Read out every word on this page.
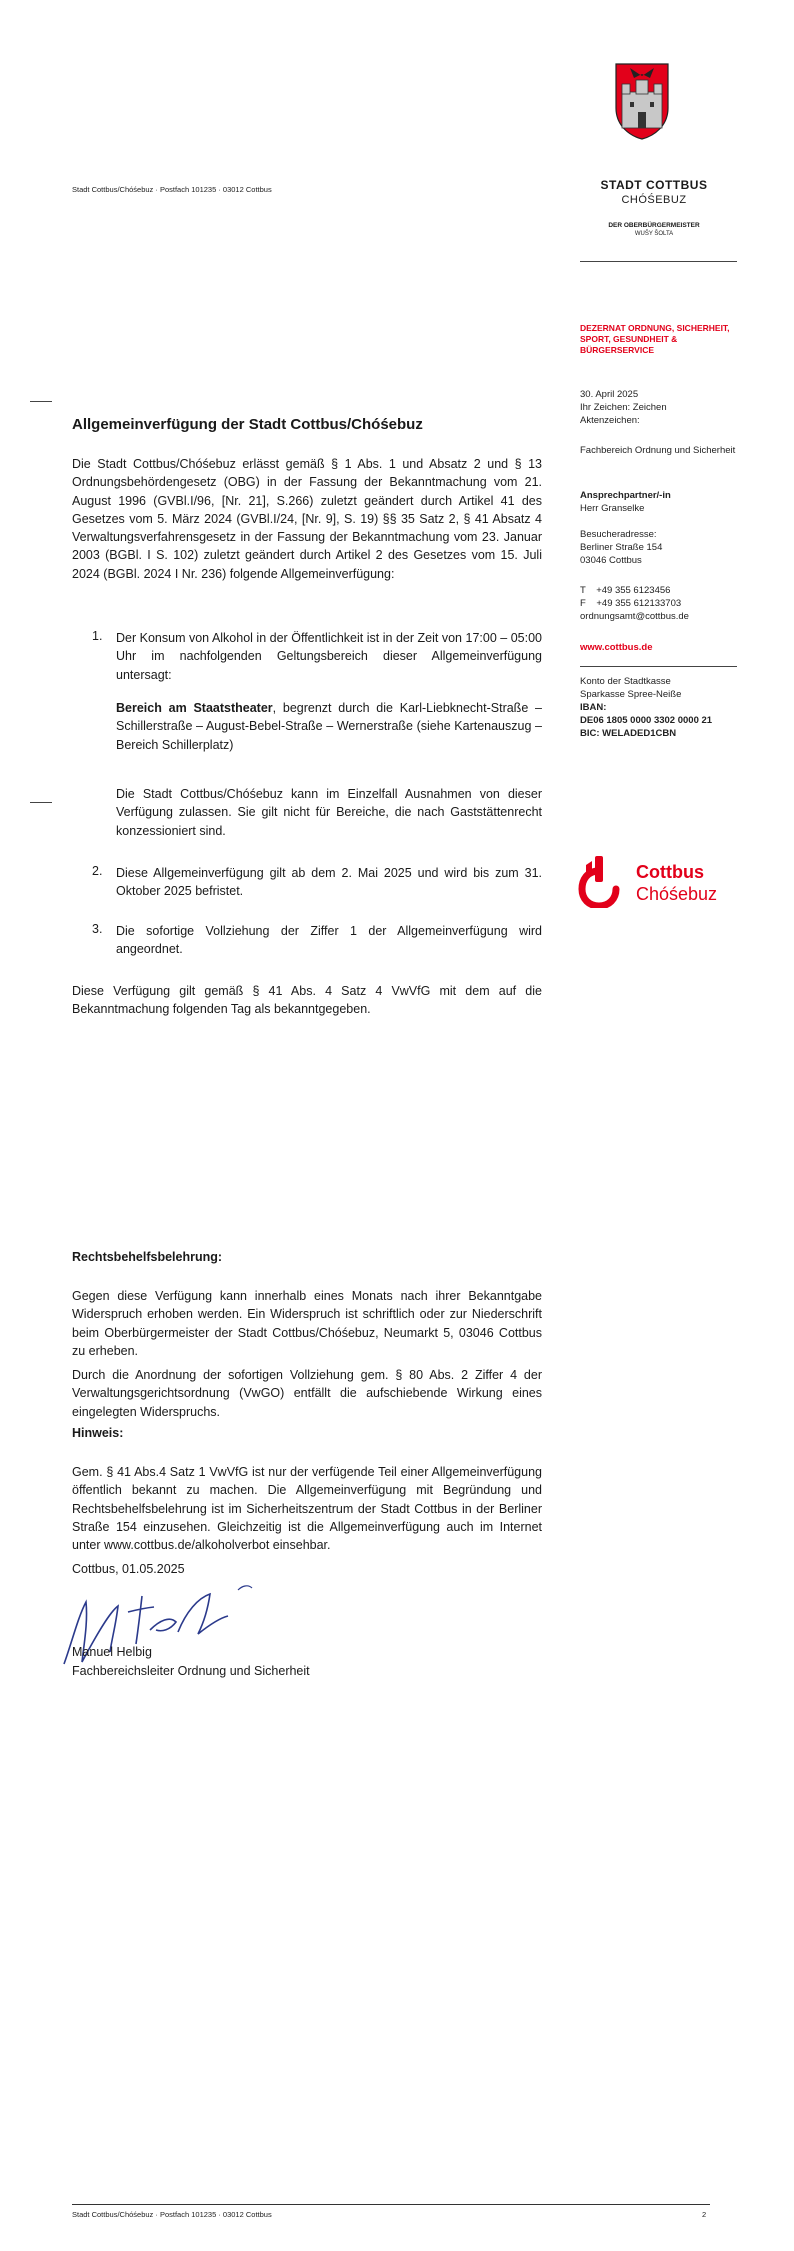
Stadt Cottbus/Chóśebuz · Postfach 101235 · 03012 Cottbus	STADT COTTBUS
CHÓŚEBUZ
DER OBERBÜRGERMEISTER
WUŠY ŠOLTA
DEZERNAT ORDNUNG, SICHERHEIT, SPORT, GESUNDHEIT & BÜRGERSERVICE
30. April 2025
Ihr Zeichen: Zeichen
Aktenzeichen:
Fachbereich Ordnung und Sicherheit
Ansprechpartner/-in
Herr Granselke
Besucheradresse:
Berliner Straße 154
03046 Cottbus
T    +49 355 6123456
F    +49 355 612133703
ordnungsamt@cottbus.de
www.cottbus.de
Konto der Stadtkasse
Sparkasse Spree-Neiße
IBAN:
DE06 1805 0000 3302 0000 21
BIC: WELADED1CBN
Cottbus
Chóśebuz
Allgemeinverfügung der Stadt Cottbus/Chóśebuz
Die Stadt Cottbus/Chóśebuz erlässt gemäß § 1 Abs. 1 und Absatz 2 und § 13 Ordnungsbehördengesetz (OBG) in der Fassung der Bekanntmachung vom 21. August 1996 (GVBl.I/96, [Nr. 21], S.266) zuletzt geändert durch Artikel 41 des Gesetzes vom 5. März 2024 (GVBl.I/24, [Nr. 9], S. 19) §§ 35 Satz 2, § 41 Absatz 4 Verwaltungsverfahrensgesetz in der Fassung der Bekanntmachung vom 23. Januar 2003 (BGBl. I S. 102) zuletzt geändert durch Artikel 2 des Gesetzes vom 15. Juli 2024 (BGBl. 2024 I Nr. 236) folgende Allgemeinverfügung:
1. Der Konsum von Alkohol in der Öffentlichkeit ist in der Zeit von 17:00 – 05:00 Uhr im nachfolgenden Geltungsbereich dieser Allgemeinverfügung untersagt:
Bereich am Staatstheater, begrenzt durch die Karl-Liebknecht-Straße – Schillerstraße – August-Bebel-Straße – Wernerstraße (siehe Kartenauszug – Bereich Schillerplatz)
Die Stadt Cottbus/Chóśebuz kann im Einzelfall Ausnahmen von dieser Verfügung zulassen. Sie gilt nicht für Bereiche, die nach Gaststättenrecht konzessioniert sind.
2. Diese Allgemeinverfügung gilt ab dem 2. Mai 2025 und wird bis zum 31. Oktober 2025 befristet.
3. Die sofortige Vollziehung der Ziffer 1 der Allgemeinverfügung wird angeordnet.
Diese Verfügung gilt gemäß § 41 Abs. 4 Satz 4 VwVfG mit dem auf die Bekanntmachung folgenden Tag als bekanntgegeben.
Rechtsbehelfsbelehrung:
Gegen diese Verfügung kann innerhalb eines Monats nach ihrer Bekanntgabe Widerspruch erhoben werden. Ein Widerspruch ist schriftlich oder zur Niederschrift beim Oberbürgermeister der Stadt Cottbus/Chóśebuz, Neumarkt 5, 03046 Cottbus zu erheben.
Durch die Anordnung der sofortigen Vollziehung gem. § 80 Abs. 2 Ziffer 4 der Verwaltungsgerichtsordnung (VwGO) entfällt die aufschiebende Wirkung eines eingelegten Widerspruchs.
Hinweis:
Gem. § 41 Abs.4 Satz 1 VwVfG ist nur der verfügende Teil einer Allgemeinverfügung öffentlich bekannt zu machen. Die Allgemeinverfügung mit Begründung und Rechtsbehelfsbelehrung ist im Sicherheitszentrum der Stadt Cottbus in der Berliner Straße 154 einzusehen. Gleichzeitig ist die Allgemeinverfügung auch im Internet unter www.cottbus.de/alkoholverbot einsehbar.
Cottbus, 01.05.2025
Manuel Helbig
Fachbereichsleiter Ordnung und Sicherheit
Stadt Cottbus/Chóśebuz · Postfach 101235 · 03012 Cottbus	2
